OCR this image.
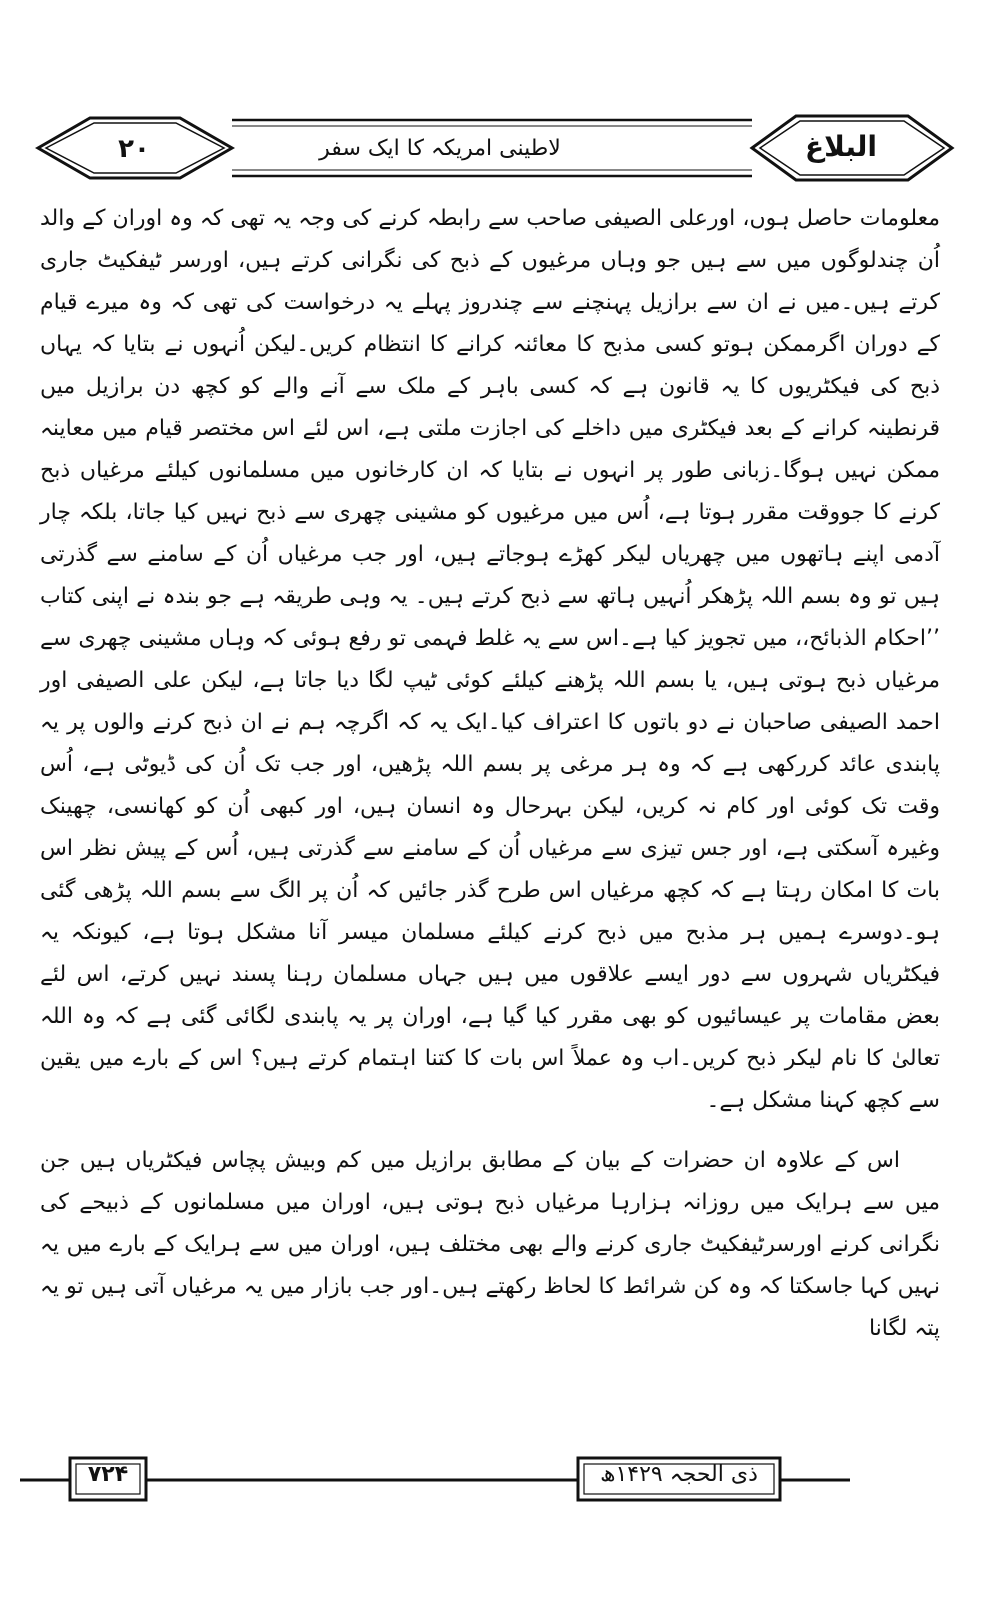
۲۰	لاطینی امریکہ کا ایک سفر	البلاغ

معلومات حاصل ہوں، اورعلی الصیفی صاحب سے رابطہ کرنے کی وجہ یہ تھی کہ وہ اوران کے والد اُن چندلوگوں میں سے ہیں جو وہاں مرغیوں کے ذبح کی نگرانی کرتے ہیں، اورسر ٹیفکیٹ جاری کرتے ہیں۔میں نے ان سے برازیل پہنچنے سے چندروز پہلے یہ درخواست کی تھی کہ وہ میرے قیام کے دوران اگرممکن ہوتو کسی مذبح کا معائنہ کرانے کا انتظام کریں۔لیکن اُنہوں نے بتایا کہ یہاں ذبح کی فیکٹریوں کا یہ قانون ہے کہ کسی باہر کے ملک سے آنے والے کو کچھ دن برازیل میں قرنطینہ کرانے کے بعد فیکٹری میں داخلے کی اجازت ملتی ہے، اس لئے اس مختصر قیام میں معاینہ ممکن نہیں ہوگا۔زبانی طور پر انہوں نے بتایا کہ ان کارخانوں میں مسلمانوں کیلئے مرغیاں ذبح کرنے کا جووقت مقرر ہوتا ہے، اُس میں مرغیوں کو مشینی چھری سے ذبح نہیں کیا جاتا، بلکہ چار آدمی اپنے ہاتھوں میں چھریاں لیکر کھڑے ہوجاتے ہیں، اور جب مرغیاں اُن کے سامنے سے گذرتی ہیں تو وہ بسم اللہ پڑھکر اُنہیں ہاتھ سے ذبح کرتے ہیں۔ یہ وہی طریقہ ہے جو بندہ نے اپنی کتاب ’’احکام الذبائح،، میں تجویز کیا ہے۔اس سے یہ غلط فہمی تو رفع ہوئی کہ وہاں مشینی چھری سے مرغیاں ذبح ہوتی ہیں، یا بسم اللہ پڑھنے کیلئے کوئی ٹیپ لگا دیا جاتا ہے، لیکن علی الصیفی اور احمد الصیفی صاحبان نے دو باتوں کا اعتراف کیا۔ایک یہ کہ اگرچہ ہم نے ان ذبح کرنے والوں پر یہ پابندی عائد کررکھی ہے کہ وہ ہر مرغی پر بسم اللہ پڑھیں، اور جب تک اُن کی ڈیوٹی ہے، اُس وقت تک کوئی اور کام نہ کریں، لیکن بہرحال وہ انسان ہیں، اور کبھی اُن کو کھانسی، چھینک وغیرہ آسکتی ہے، اور جس تیزی سے مرغیاں اُن کے سامنے سے گذرتی ہیں، اُس کے پیش نظر اس بات کا امکان رہتا ہے کہ کچھ مرغیاں اس طرح گذر جائیں کہ اُن پر الگ سے بسم اللہ پڑھی گئی ہو۔دوسرے ہمیں ہر مذبح میں ذبح کرنے کیلئے مسلمان میسر آنا مشکل ہوتا ہے، کیونکہ یہ فیکٹریاں شہروں سے دور ایسے علاقوں میں ہیں جہاں مسلمان رہنا پسند نہیں کرتے، اس لئے بعض مقامات پر عیسائیوں کو بھی مقرر کیا گیا ہے، اوران پر یہ پابندی لگائی گئی ہے کہ وہ اللہ تعالیٰ کا نام لیکر ذبح کریں۔اب وہ عملاً اس بات کا کتنا اہتمام کرتے ہیں؟ اس کے بارے میں یقین سے کچھ کہنا مشکل ہے۔

اس کے علاوہ ان حضرات کے بیان کے مطابق برازیل میں کم وبیش پچاس فیکٹریاں ہیں جن میں سے ہرایک میں روزانہ ہزارہا مرغیاں ذبح ہوتی ہیں، اوران میں مسلمانوں کے ذبیحے کی نگرانی کرنے اورسرٹیفکیٹ جاری کرنے والے بھی مختلف ہیں، اوران میں سے ہرایک کے بارے میں یہ نہیں کہا جاسکتا کہ وہ کن شرائط کا لحاظ رکھتے ہیں۔اور جب بازار میں یہ مرغیاں آتی ہیں تو یہ پتہ لگانا

۷۲۴	ذی الحجہ ۱۴۲۹ھ
